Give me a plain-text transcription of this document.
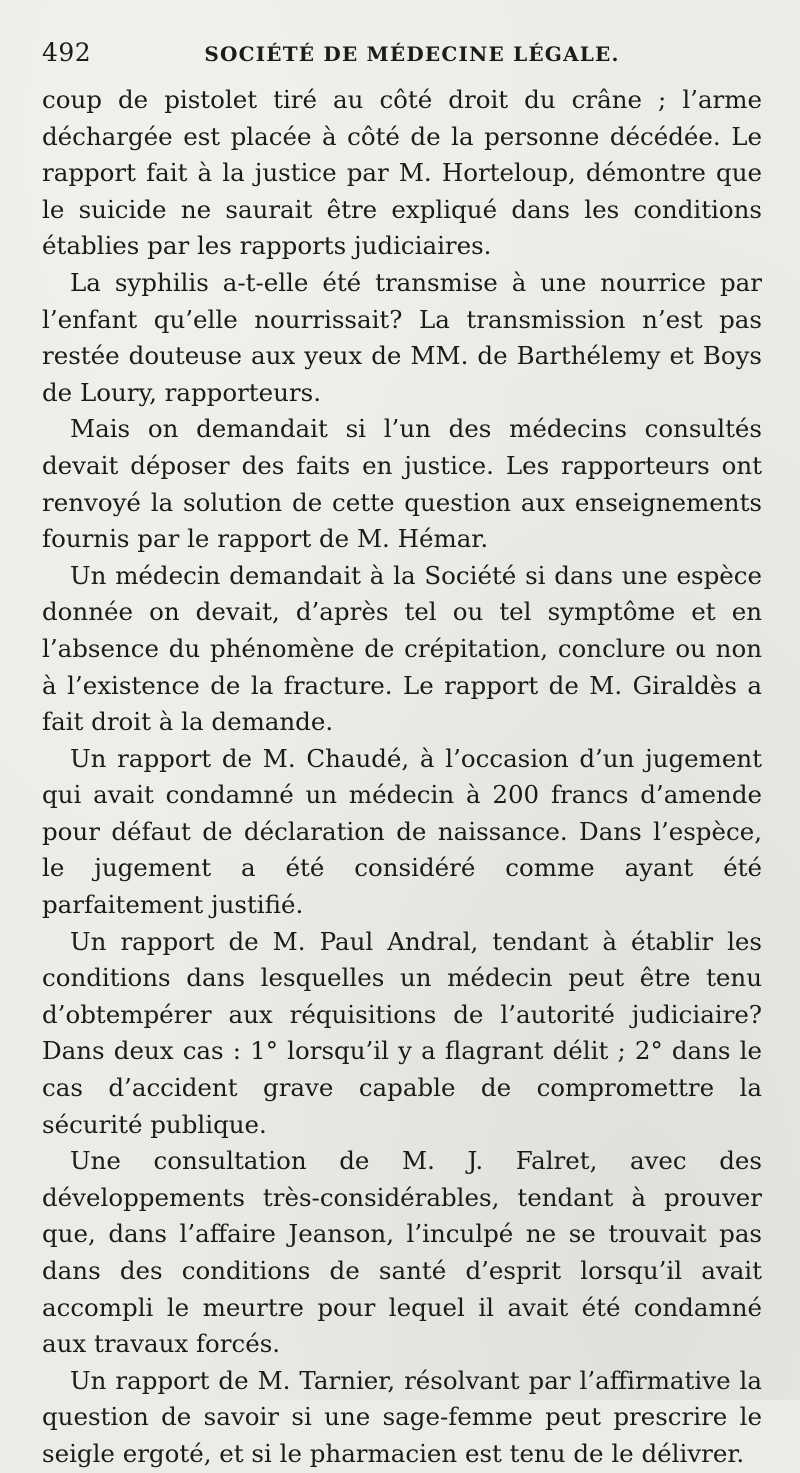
492	SOCIÉTÉ DE MÉDECINE LÉGALE.

coup de pistolet tiré au côté droit du crâne ; l’arme déchargée est placée à côté de la personne décédée. Le rapport fait à la justice par M. Horteloup, démontre que le suicide ne saurait être expliqué dans les conditions établies par les rapports judiciaires.

La syphilis a-t-elle été transmise à une nourrice par l’enfant qu’elle nourrissait? La transmission n’est pas restée douteuse aux yeux de MM. de Barthélemy et Boys de Loury, rapporteurs.

Mais on demandait si l’un des médecins consultés devait déposer des faits en justice. Les rapporteurs ont renvoyé la solution de cette question aux enseignements fournis par le rapport de M. Hémar.

Un médecin demandait à la Société si dans une espèce donnée on devait, d’après tel ou tel symptôme et en l’absence du phénomène de crépitation, conclure ou non à l’existence de la fracture. Le rapport de M. Giraldès a fait droit à la demande.

Un rapport de M. Chaudé, à l’occasion d’un jugement qui avait condamné un médecin à 200 francs d’amende pour défaut de déclaration de naissance. Dans l’espèce, le jugement a été considéré comme ayant été parfaitement justifié.

Un rapport de M. Paul Andral, tendant à établir les conditions dans lesquelles un médecin peut être tenu d’obtempérer aux réquisitions de l’autorité judiciaire? Dans deux cas : 1° lorsqu’il y a flagrant délit ; 2° dans le cas d’accident grave capable de compromettre la sécurité publique.

Une consultation de M. J. Falret, avec des développements très-considérables, tendant à prouver que, dans l’affaire Jeanson, l’inculpé ne se trouvait pas dans des conditions de santé d’esprit lorsqu’il avait accompli le meurtre pour lequel il avait été condamné aux travaux forcés.

Un rapport de M. Tarnier, résolvant par l’affirmative la question de savoir si une sage-femme peut prescrire le seigle ergoté, et si le pharmacien est tenu de le délivrer.
